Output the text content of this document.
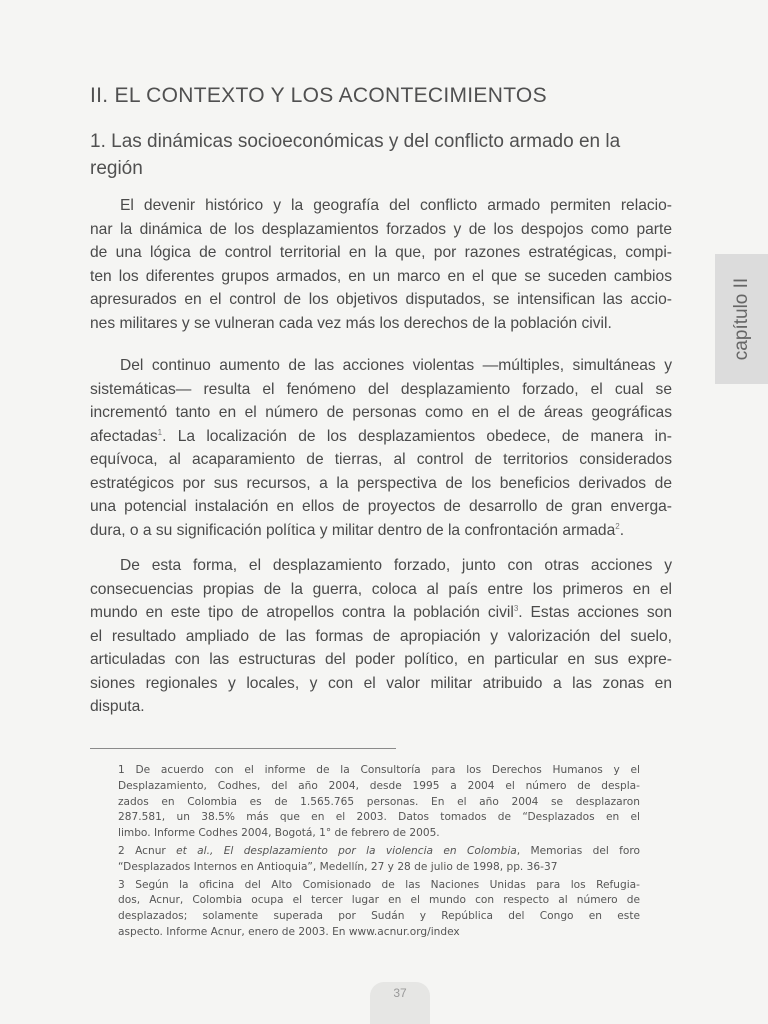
II. EL CONTEXTO Y LOS ACONTECIMIENTOS
1. Las dinámicas socioeconómicas y del conflicto armado en la región

El devenir histórico y la geografía del conflicto armado permiten relacio-
nar la dinámica de los desplazamientos forzados y de los despojos como parte
de una lógica de control territorial en la que, por razones estratégicas, compi-
ten los diferentes grupos armados, en un marco en el que se suceden cambios
apresurados en el control de los objetivos disputados, se intensifican las accio-
nes militares y se vulneran cada vez más los derechos de la población civil.

Del continuo aumento de las acciones violentas —múltiples, simultáneas y
sistemáticas— resulta el fenómeno del desplazamiento forzado, el cual se
incrementó tanto en el número de personas como en el de áreas geográficas
afectadas$^1$. La localización de los desplazamientos obedece, de manera in-
equívoca, al acaparamiento de tierras, al control de territorios considerados
estratégicos por sus recursos, a la perspectiva de los beneficios derivados de
una potencial instalación en ellos de proyectos de desarrollo de gran enverga-
dura, o a su significación política y militar dentro de la confrontación armada$^2$.

De esta forma, el desplazamiento forzado, junto con otras acciones y
consecuencias propias de la guerra, coloca al país entre los primeros en el
mundo en este tipo de atropellos contra la población civil$^3$. Estas acciones son
el resultado ampliado de las formas de apropiación y valorización del suelo,
articuladas con las estructuras del poder político, en particular en sus expre-
siones regionales y locales, y con el valor militar atribuido a las zonas en
disputa.

capítulo II

1 De acuerdo con el informe de la Consultoría para los Derechos Humanos y el
Desplazamiento, Codhes, del año 2004, desde 1995 a 2004 el número de despla-
zados en Colombia es de 1.565.765 personas. En el año 2004 se desplazaron
287.581, un 38.5% más que en el 2003. Datos tomados de “Desplazados en el
limbo. Informe Codhes 2004, Bogotá, 1° de febrero de 2005.

2 Acnur et al., El desplazamiento por la violencia en Colombia, Memorias del foro
“Desplazados Internos en Antioquia”, Medellín, 27 y 28 de julio de 1998, pp. 36-37

3 Según la oficina del Alto Comisionado de las Naciones Unidas para los Refugia-
dos, Acnur, Colombia ocupa el tercer lugar en el mundo con respecto al número de
desplazados; solamente superada por Sudán y República del Congo en este
aspecto. Informe Acnur, enero de 2003. En www.acnur.org/index

37
